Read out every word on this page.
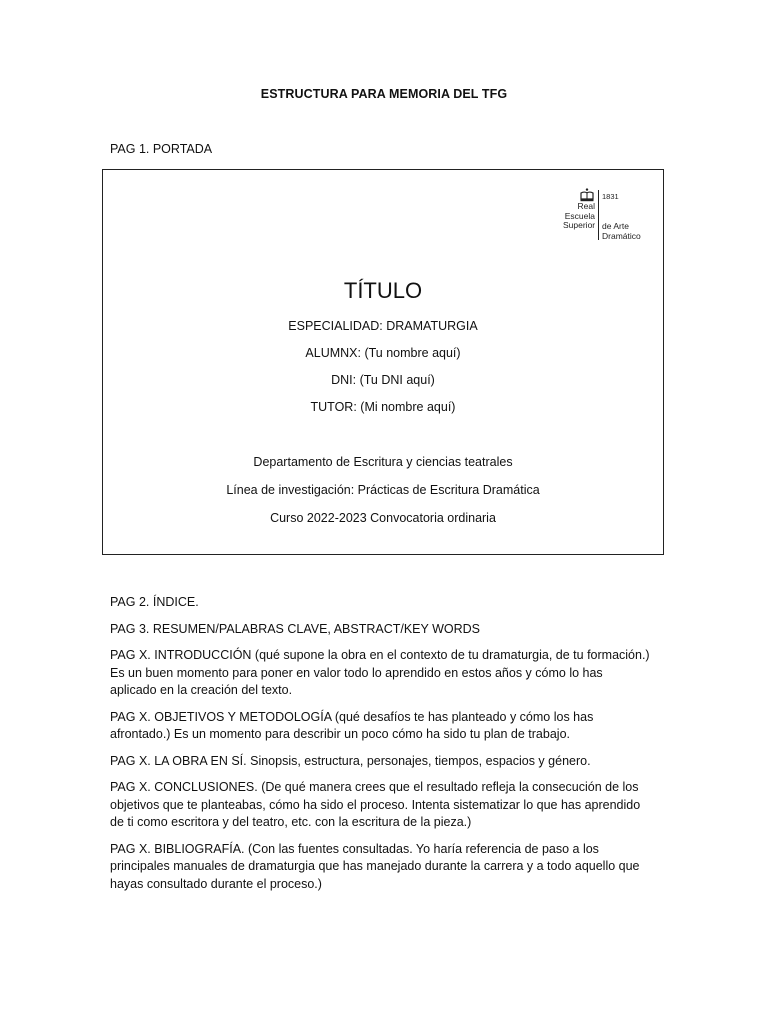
ESTRUCTURA PARA MEMORIA DEL TFG
PAG 1. PORTADA
Real
Escuela
Superior
1831
de Arte
Dramático
TÍTULO
ESPECIALIDAD: DRAMATURGIA
ALUMNX: (Tu nombre aquí)
DNI: (Tu DNI aquí)
TUTOR: (Mi nombre aquí)
Departamento de Escritura y ciencias teatrales
Línea de investigación: Prácticas de Escritura Dramática
Curso 2022-2023 Convocatoria ordinaria

PAG 2. ÍNDICE.

PAG 3. RESUMEN/PALABRAS CLAVE, ABSTRACT/KEY WORDS

PAG X. INTRODUCCIÓN (qué supone la obra en el contexto de tu dramaturgia, de tu formación.) Es un buen momento para poner en valor todo lo aprendido en estos años y cómo lo has aplicado en la creación del texto.

PAG X. OBJETIVOS Y METODOLOGÍA (qué desafíos te has planteado y cómo los has afrontado.) Es un momento para describir un poco cómo ha sido tu plan de trabajo.

PAG X. LA OBRA EN SÍ. Sinopsis, estructura, personajes, tiempos, espacios y género.

PAG X. CONCLUSIONES. (De qué manera crees que el resultado refleja la consecución de los objetivos que te planteabas, cómo ha sido el proceso. Intenta sistematizar lo que has aprendido de ti como escritora y del teatro, etc. con la escritura de la pieza.)

PAG X. BIBLIOGRAFÍA. (Con las fuentes consultadas. Yo haría referencia de paso a los principales manuales de dramaturgia que has manejado durante la carrera y a todo aquello que hayas consultado durante el proceso.)
